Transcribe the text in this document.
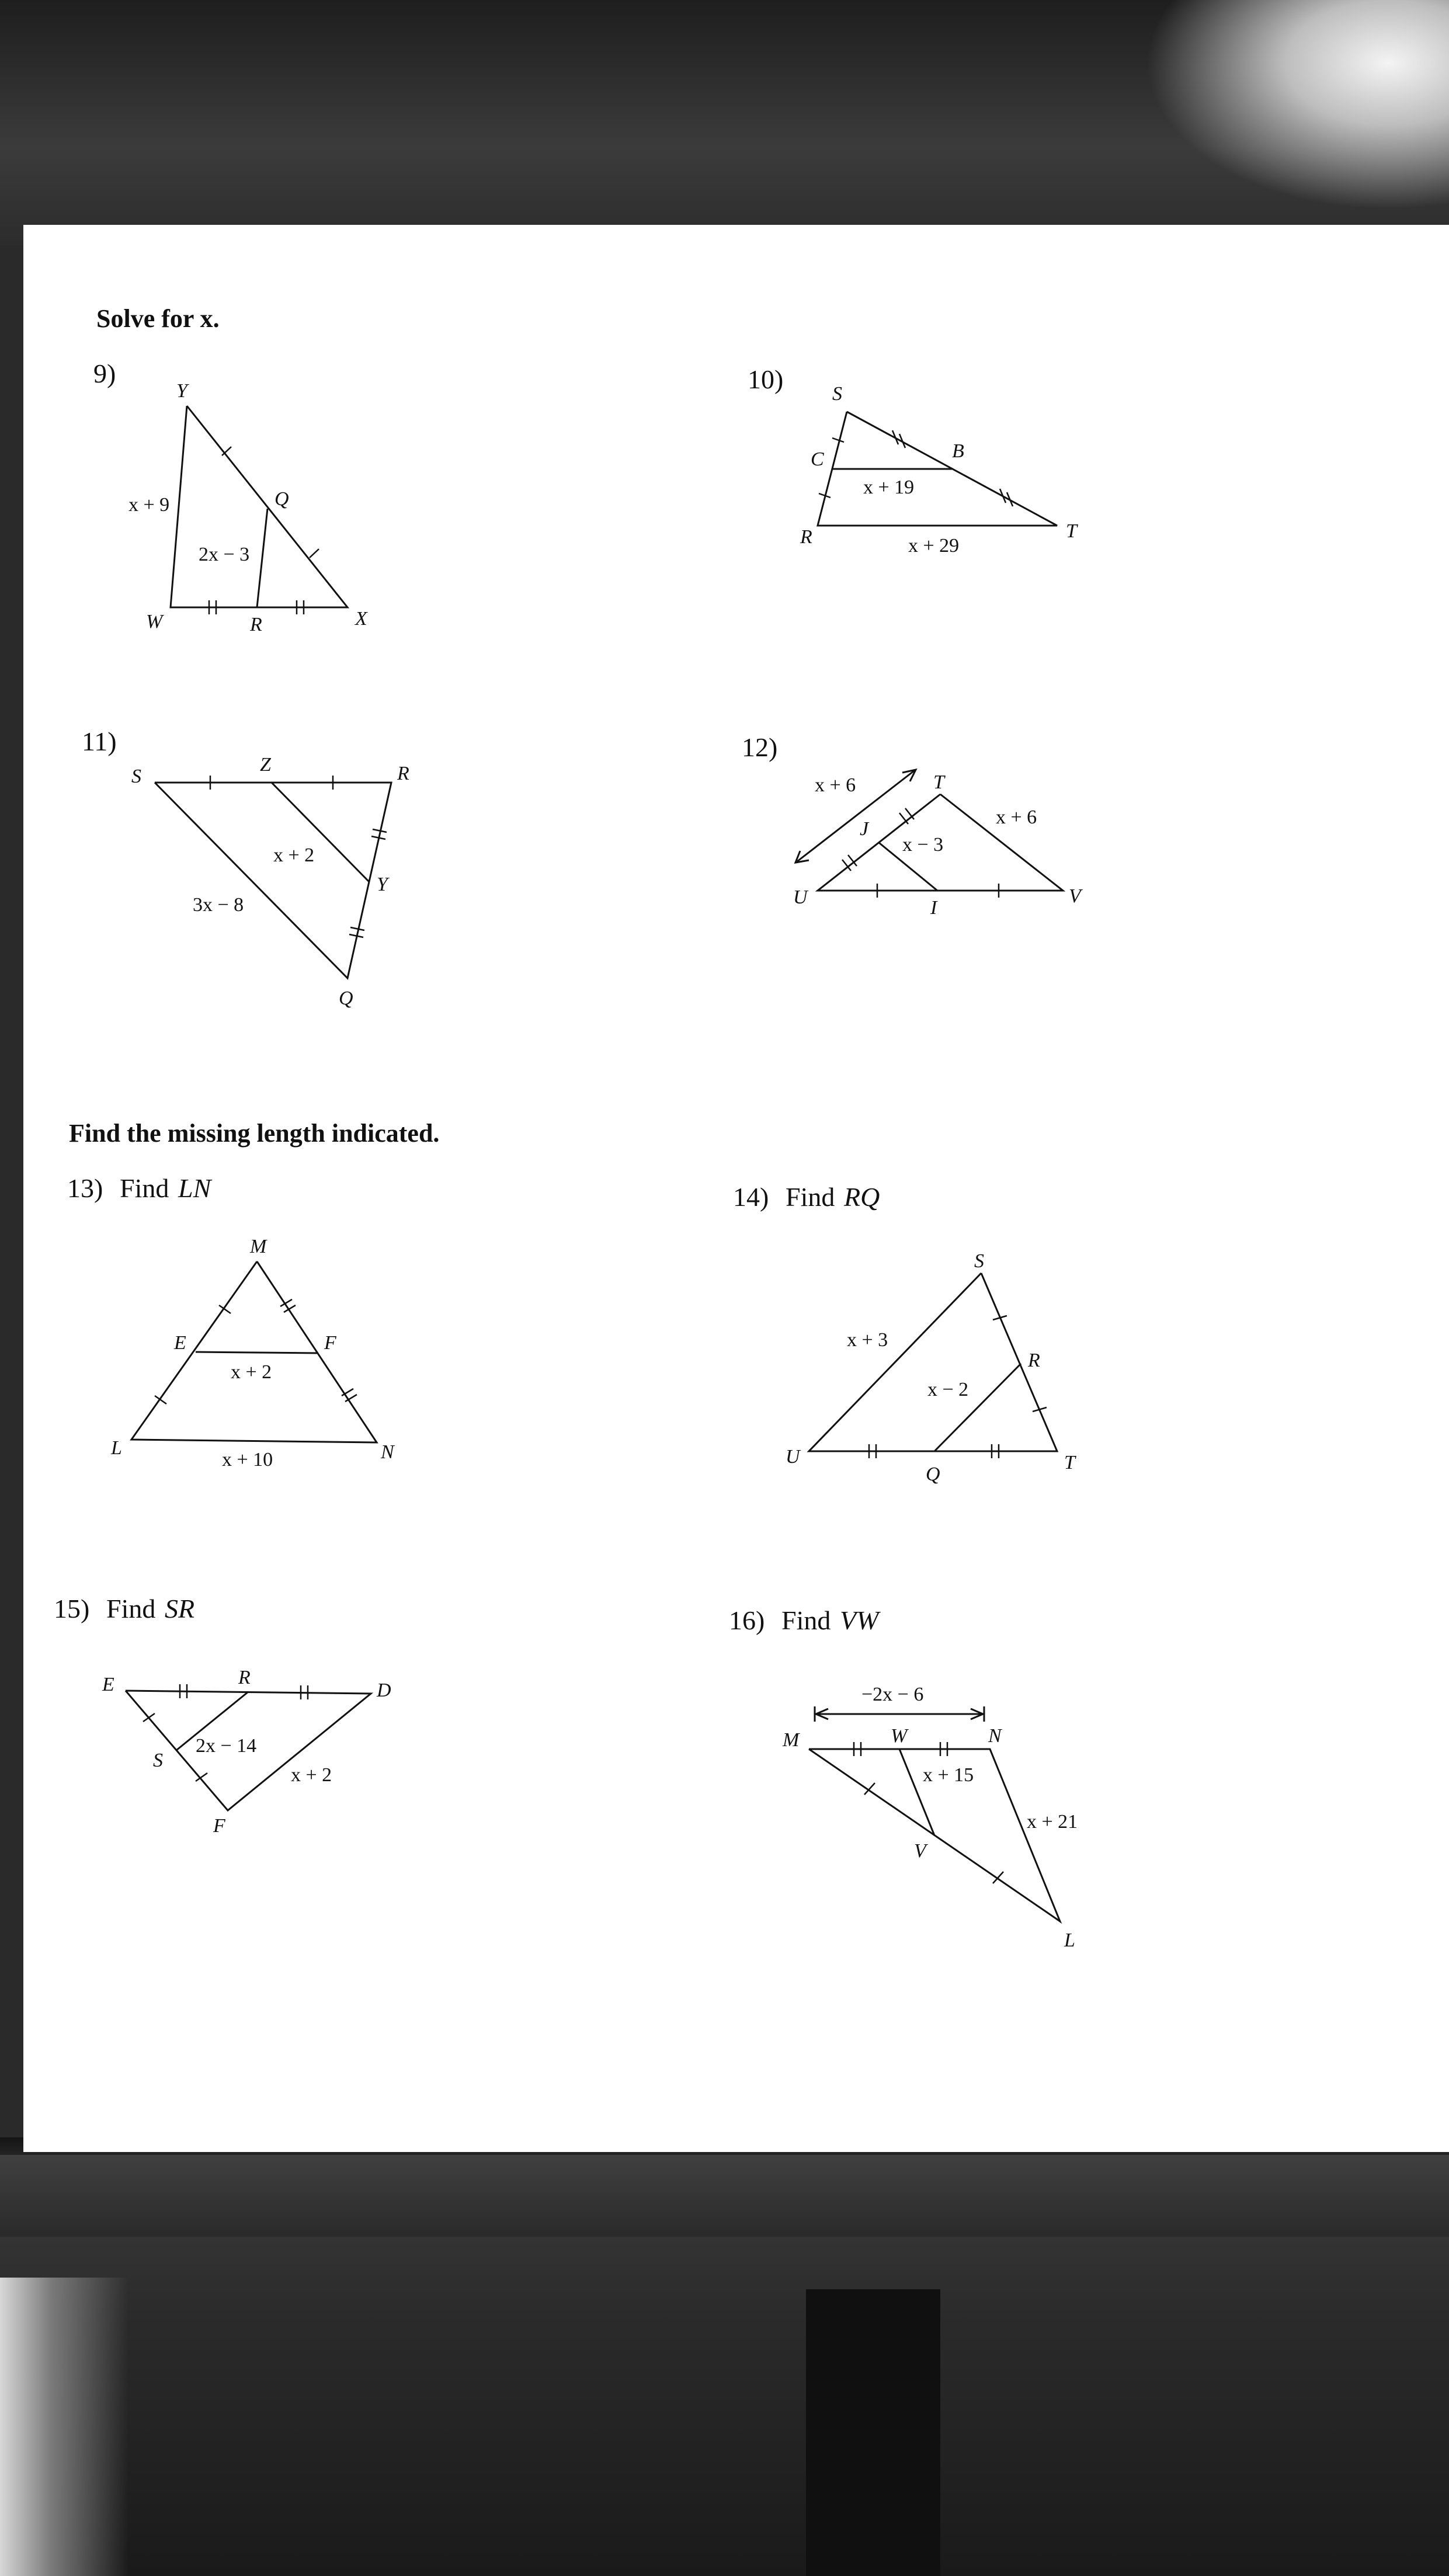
Solve for x.
9)
Y
Q
W	R	X
x + 9
2x − 3
10) S
C	B
R	T
x + 19
x + 29
11)
S
Z	R
Y
Q
x + 2
3x − 8
12)
T
J
U	I
V
x + 6
x − 3
x + 6
Find the missing length indicated.
13) Find LN
M
E	F
L	N
x + 2
x + 10
14) Find RQ
S
R
U
Q
T
x + 3
x − 2
15) Find SR
E	R
D
S
F
2x − 14
x + 2
16) Find VW
M	W	N
V
L
−2x − 6
x + 15
x + 21
